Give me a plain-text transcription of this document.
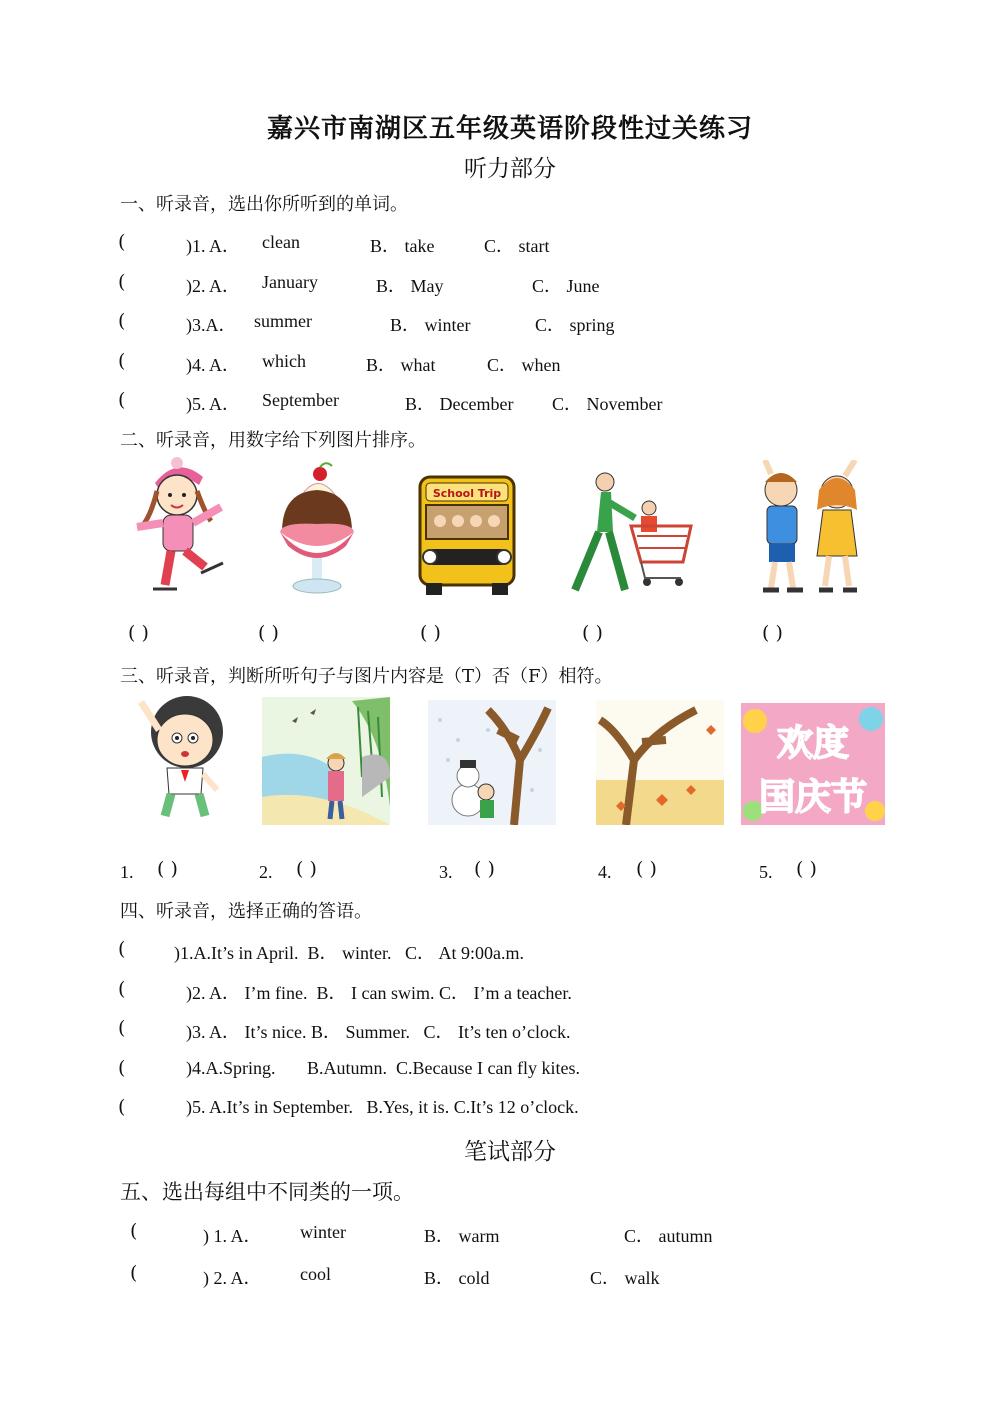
嘉兴市南湖区五年级英语阶段性过关练习
听力部分
一、听录音，选出你所听到的单词。
(	)1. A． clean	B． take	C． start
(	)2. A． January	B． May	C． June
(	)3.A． summer	B． winter	C． spring
(	)4. A． which	B． what	C． when
(	)5. A． September	B． December C． November
二、听录音，用数字给下列图片排序。
School Trip
( )	( )	( )	( )	( )
三、听录音，判断所听句子与图片内容是（T）否（F）相符。
欢度
国庆节
1. ( )	2. ( )	3. ( )	4. ( )	5. ( )
四、听录音，选择正确的答语。
(	)1.A.It’s in April.  B． winter.   C． At 9:00a.m.
(	)2. A． I’m fine.  B． I can swim. C． I’m a teacher.
(	)3. A． It’s nice. B． Summer.   C． It’s ten o’clock.
(	)4.A.Spring.       B.Autumn.  C.Because I can fly kites.
(	)5. A.It’s in September.   B.Yes, it is. C.It’s 12 o’clock.
笔试部分
五、选出每组中不同类的一项。
(	) 1. A． winter	B． warm	C． autumn
(	) 2. A． cool	B． cold	C． walk
